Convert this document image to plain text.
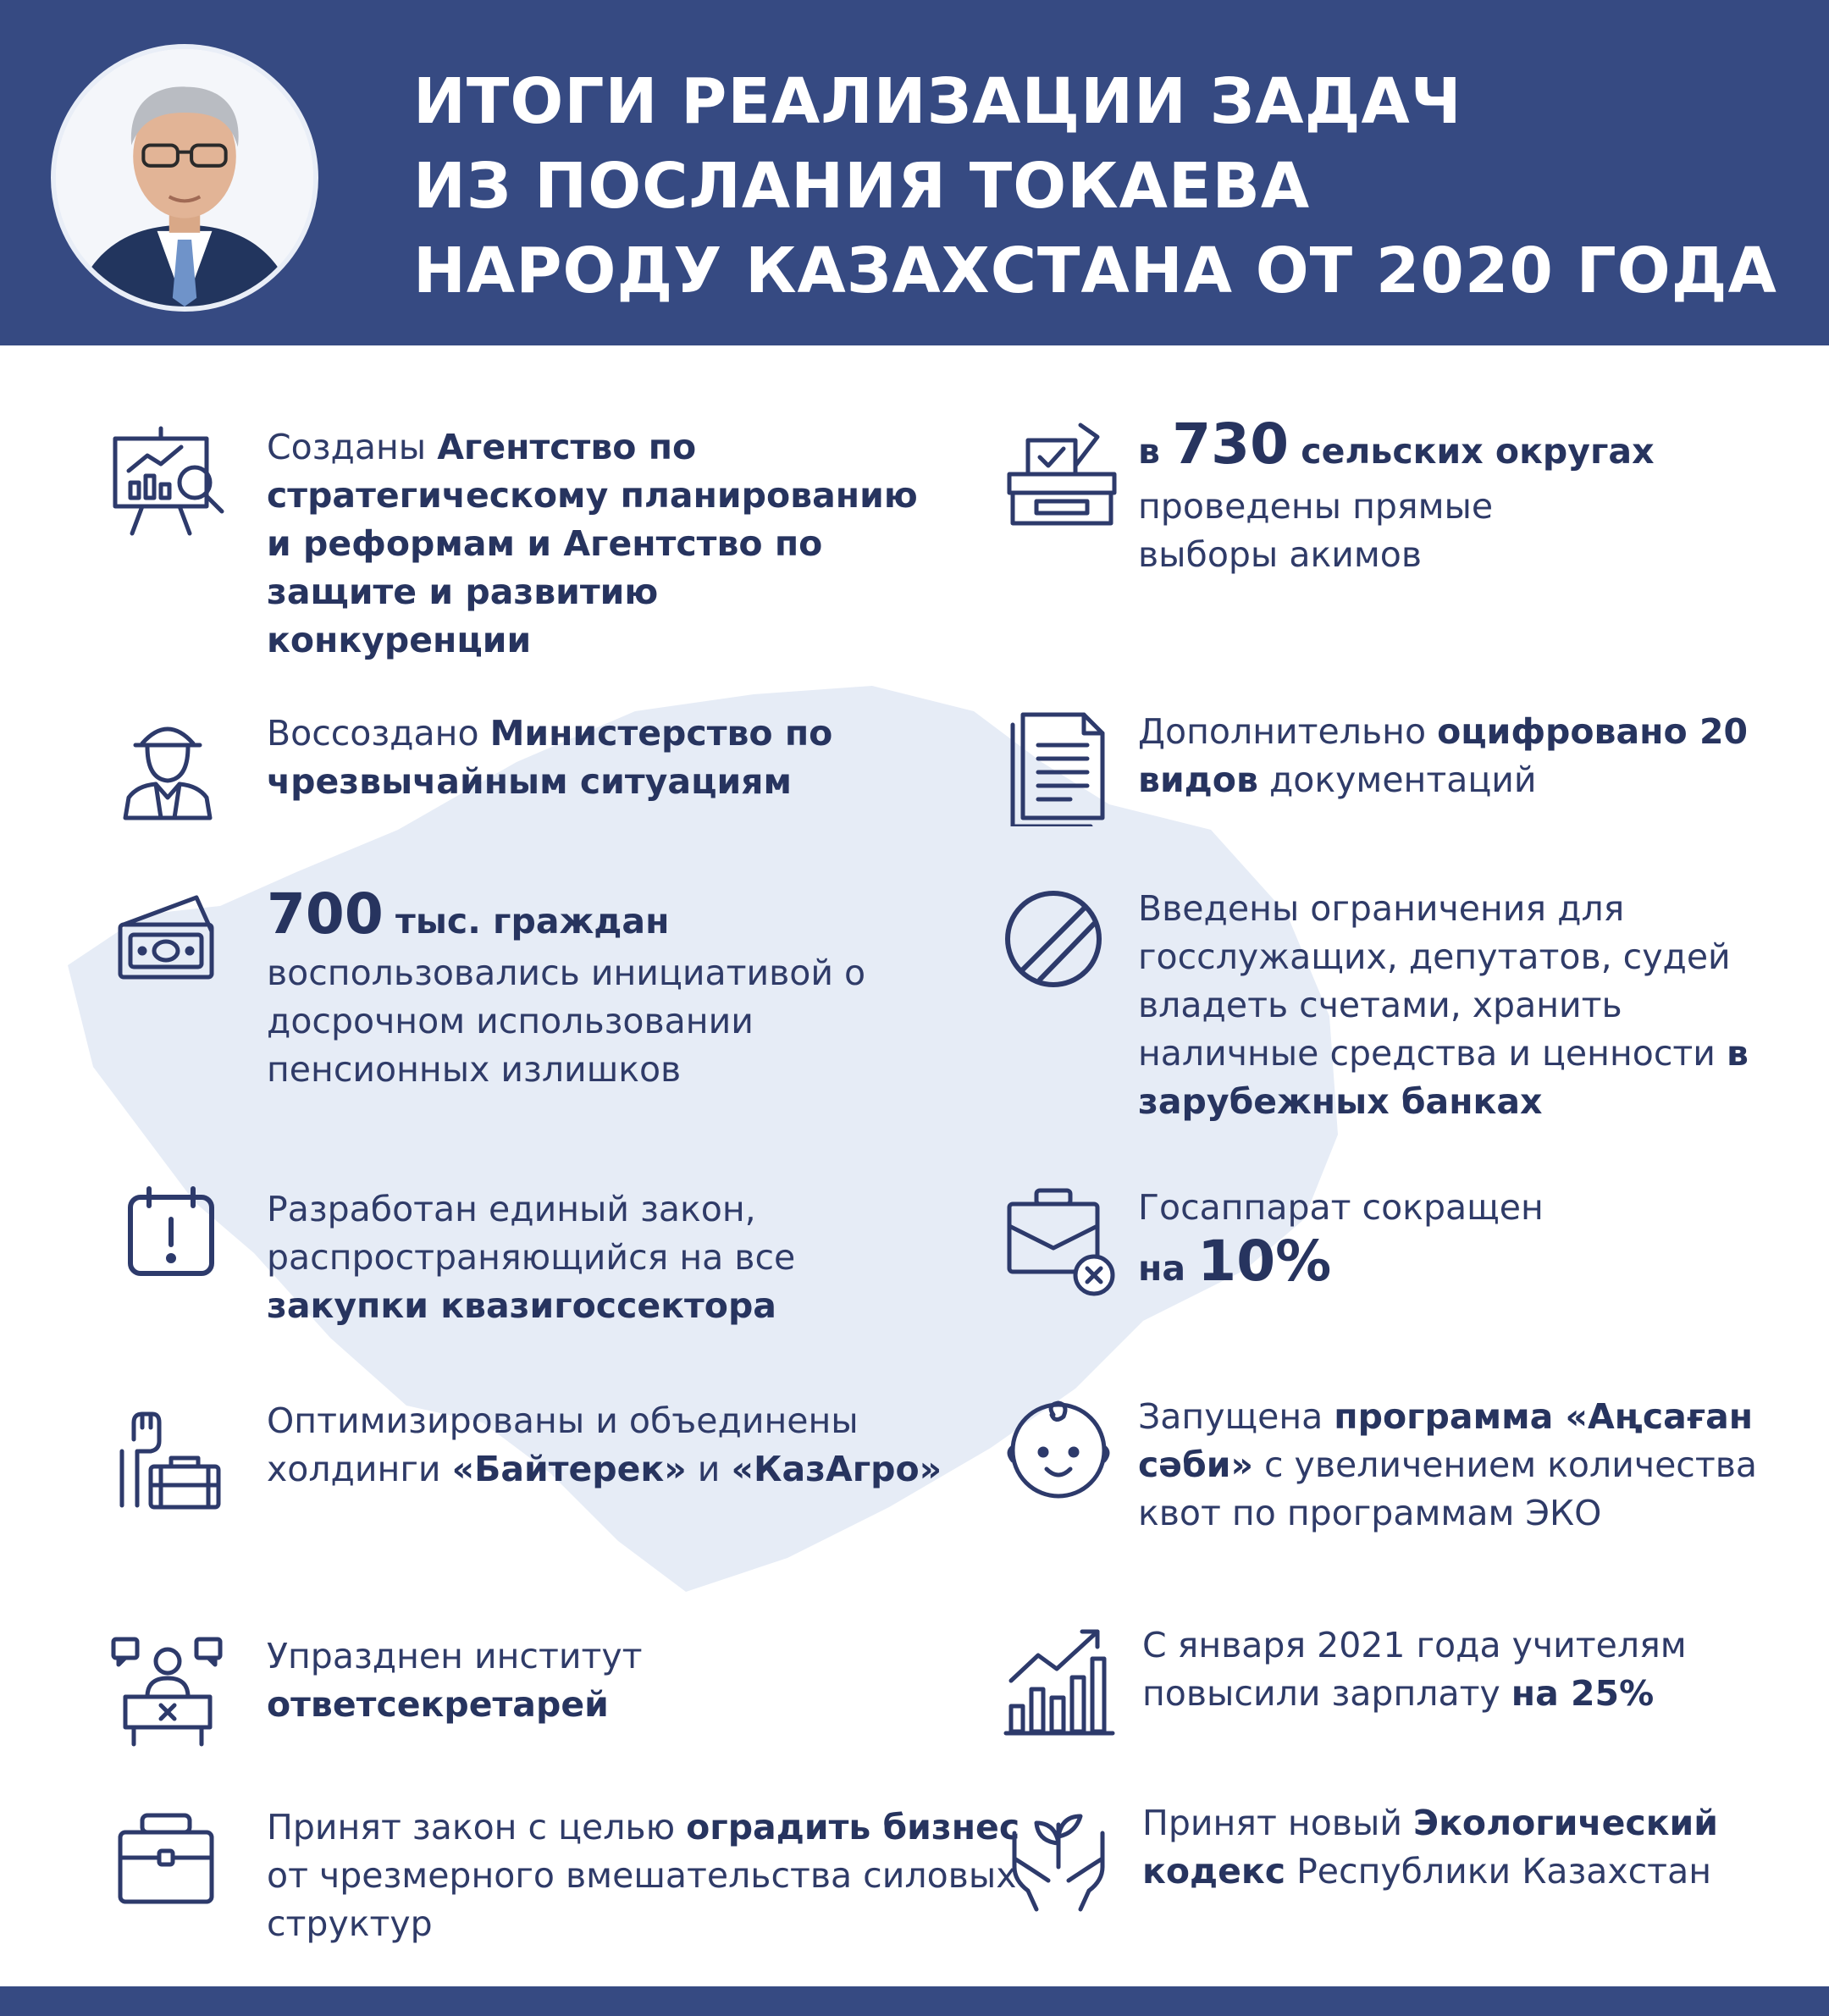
ИТОГИ РЕАЛИЗАЦИИ ЗАДАЧ
ИЗ ПОСЛАНИЯ ТОКАЕВА
НАРОДУ КАЗАХСТАНА ОТ 2020 ГОДА
Созданы Агентство по стратегическому планированию и реформам и Агентство по защите и развитию конкуренции
Воссоздано Министерство по чрезвычайным ситуациям
700 тыс. граждан
воспользовались инициативой о досрочном использовании пенсионных излишков
Разработан единый закон, распространяющийся на все закупки квазигоссектора
Оптимизированы и объединены холдинги «Байтерек» и «КазАгро»
Упразднен институт ответсекретарей
Принят закон с целью оградить бизнес от чрезмерного вмешательства силовых структур
в 730 сельских округах
проведены прямые выборы акимов
Дополнительно оцифровано 20 видов документаций
Введены ограничения для госслужащих, депутатов, судей владеть счетами, хранить наличные средства и ценности в зарубежных банках
Госаппарат сокращен
на 10%
Запущена программа «Аңсаған сәби» с увеличением количества квот по программам ЭКО
С января 2021 года учителям повысили зарплату на 25%
Принят новый Экологический кодекс Республики Казахстан
